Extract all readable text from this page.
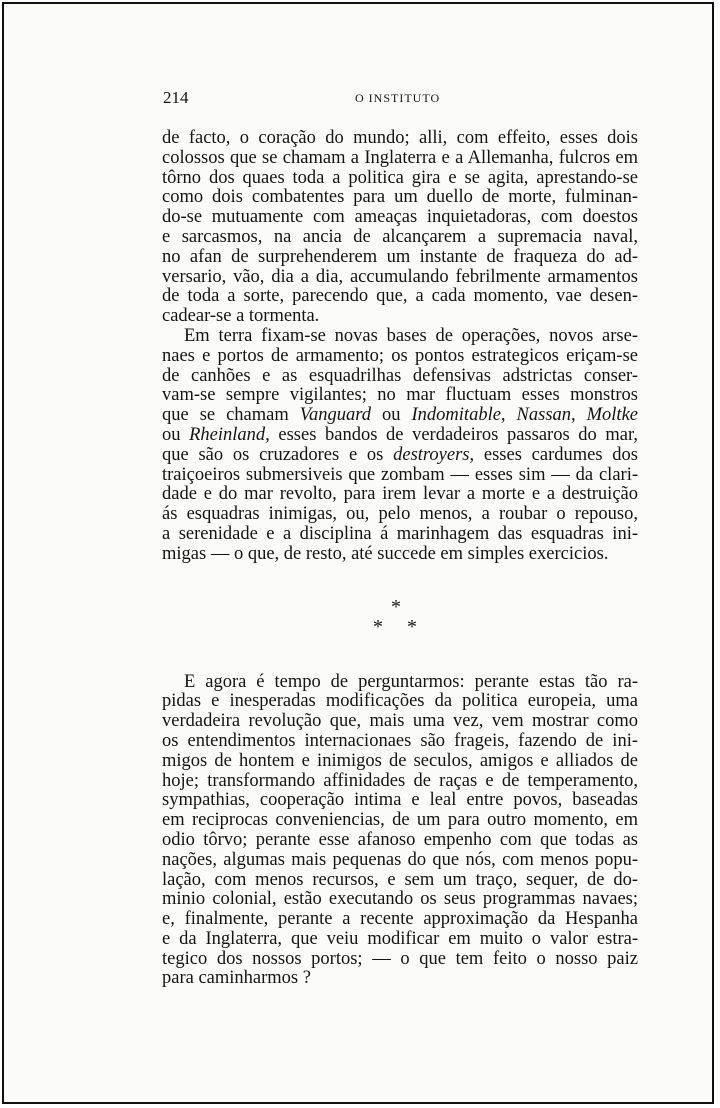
214	O INSTITUTO

de facto, o coração do mundo; alli, com effeito, esses dois
colossos que se chamam a Inglaterra e a Allemanha, fulcros em
tôrno dos quaes toda a politica gira e se agita, aprestando-se
como dois combatentes para um duello de morte, fulminan-
do-se mutuamente com ameaças inquietadoras, com doestos
e sarcasmos, na ancia de alcançarem a supremacia naval,
no afan de surprehenderem um instante de fraqueza do ad-
versario, vão, dia a dia, accumulando febrilmente armamentos
de toda a sorte, parecendo que, a cada momento, vae desen-
cadear-se a tormenta.

Em terra fixam-se novas bases de operações, novos arse-
naes e portos de armamento; os pontos estrategicos eriçam-se
de canhões e as esquadrilhas defensivas adstrictas conser-
vam-se sempre vigilantes; no mar fluctuam esses monstros
que se chamam Vanguard ou Indomitable, Nassan, Moltke
ou Rheinland, esses bandos de verdadeiros passaros do mar,
que são os cruzadores e os destroyers, esses cardumes dos
traiçoeiros submersiveis que zombam — esses sim — da clari-
dade e do mar revolto, para irem levar a morte e a destruição
ás esquadras inimigas, ou, pelo menos, a roubar o repouso,
a serenidade e a disciplina á marinhagem das esquadras ini-
migas — o que, de resto, até succede em simples exercicios.

*
* *

E agora é tempo de perguntarmos: perante estas tão ra-
pidas e inesperadas modificações da politica europeia, uma
verdadeira revolução que, mais uma vez, vem mostrar como
os entendimentos internacionaes são frageis, fazendo de ini-
migos de hontem e inimigos de seculos, amigos e alliados de
hoje; transformando affinidades de raças e de temperamento,
sympathias, cooperação intima e leal entre povos, baseadas
em reciprocas conveniencias, de um para outro momento, em
odio tôrvo; perante esse afanoso empenho com que todas as
nações, algumas mais pequenas do que nós, com menos popu-
lação, com menos recursos, e sem um traço, sequer, de do-
minio colonial, estão executando os seus programmas navaes;
e, finalmente, perante a recente approximação da Hespanha
e da Inglaterra, que veiu modificar em muito o valor estra-
tegico dos nossos portos; — o que tem feito o nosso paiz
para caminharmos ?
